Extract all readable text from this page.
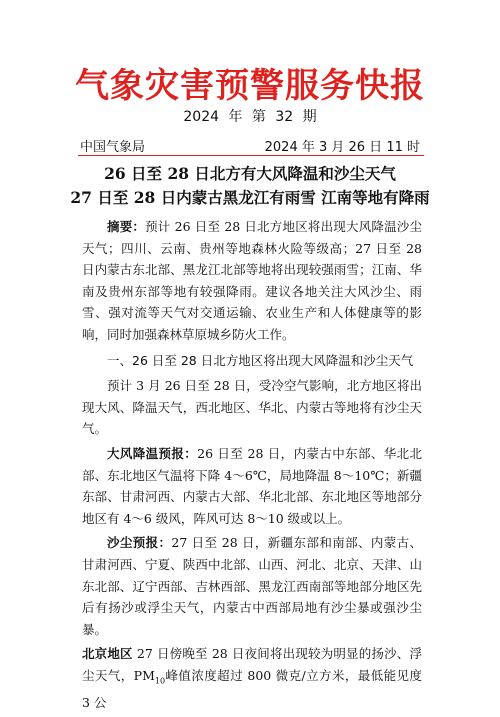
气象灾害预警服务快报
2024 年 第 32 期
中国气象局	2024 年 3 月 26 日 11 时
26 日至 28 日北方有大风降温和沙尘天气
27 日至 28 日内蒙古黑龙江有雨雪 江南等地有降雨

摘要：预计 26 日至 28 日北方地区将出现大风降温沙尘天气；四川、云南、贵州等地森林火险等级高；27 日至 28 日内蒙古东北部、黑龙江北部等地将出现较强雨雪；江南、华南及贵州东部等地有较强降雨。建议各地关注大风沙尘、雨雪、强对流等天气对交通运输、农业生产和人体健康等的影响，同时加强森林草原城乡防火工作。

一、26 日至 28 日北方地区将出现大风降温和沙尘天气

预计 3 月 26 日至 28 日，受冷空气影响，北方地区将出现大风、降温天气，西北地区、华北、内蒙古等地将有沙尘天气。

大风降温预报：26 日至 28 日，内蒙古中东部、华北北部、东北地区气温将下降 4～6℃，局地降温 8～10℃；新疆东部、甘肃河西、内蒙古大部、华北北部、东北地区等地部分地区有 4～6 级风，阵风可达 8～10 级或以上。

沙尘预报：27 日至 28 日，新疆东部和南部、内蒙古、甘肃河西、宁夏、陕西中北部、山西、河北、北京、天津、山东北部、辽宁西部、吉林西部、黑龙江西南部等地部分地区先后有扬沙或浮尘天气，内蒙古中西部局地有沙尘暴或强沙尘暴。

北京地区 27 日傍晚至 28 日夜间将出现较为明显的扬沙、浮尘天气，$PM_{10}$峰值浓度超过 800 微克/立方米，最低能见度 3 公
